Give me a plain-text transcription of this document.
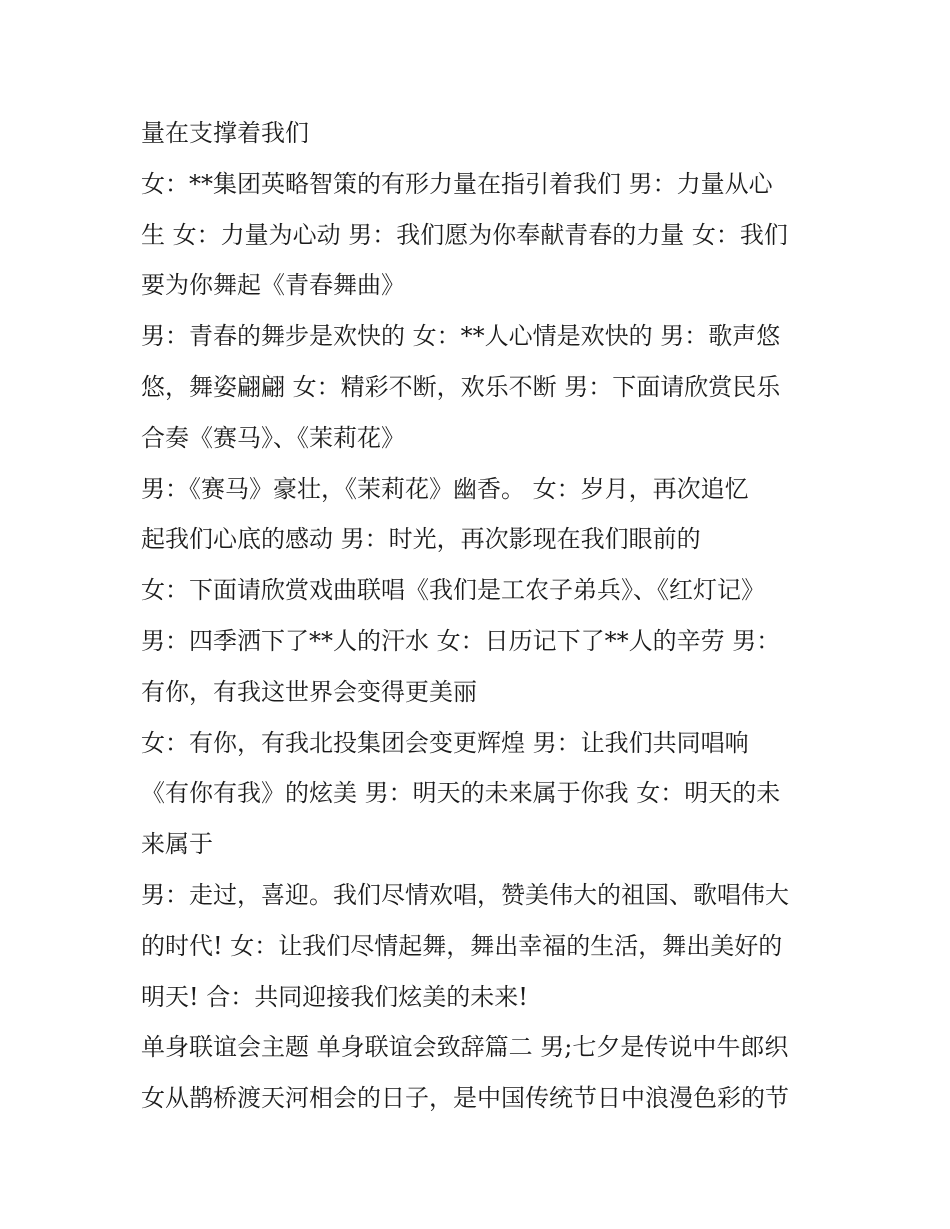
量在支撑着我们
女：**集团英略智策的有形力量在指引着我们 男：力量从心
生 女：力量为心动 男：我们愿为你奉献青春的力量 女：我们
要为你舞起《青春舞曲》
男：青春的舞步是欢快的 女：**人心情是欢快的 男：歌声悠
悠，舞姿翩翩 女：精彩不断，欢乐不断 男：下面请欣赏民乐
合奏《赛马》、《茉莉花》
男：《赛马》豪壮，《茉莉花》幽香。 女：岁月，再次追忆
起我们心底的感动 男：时光，再次影现在我们眼前的
女：下面请欣赏戏曲联唱《我们是工农子弟兵》、《红灯记》
男：四季洒下了**人的汗水 女：日历记下了**人的辛劳 男：
有你，有我这世界会变得更美丽
女：有你，有我北投集团会变更辉煌 男：让我们共同唱响
《有你有我》的炫美 男：明天的未来属于你我 女：明天的未
来属于
男：走过，喜迎。我们尽情欢唱，赞美伟大的祖国、歌唱伟大
的时代! 女：让我们尽情起舞，舞出幸福的生活，舞出美好的
明天! 合：共同迎接我们炫美的未来!
单身联谊会主题 单身联谊会致辞篇二 男;七夕是传说中牛郎织
女从鹊桥渡天河相会的日子，是中国传统节日中浪漫色彩的节
